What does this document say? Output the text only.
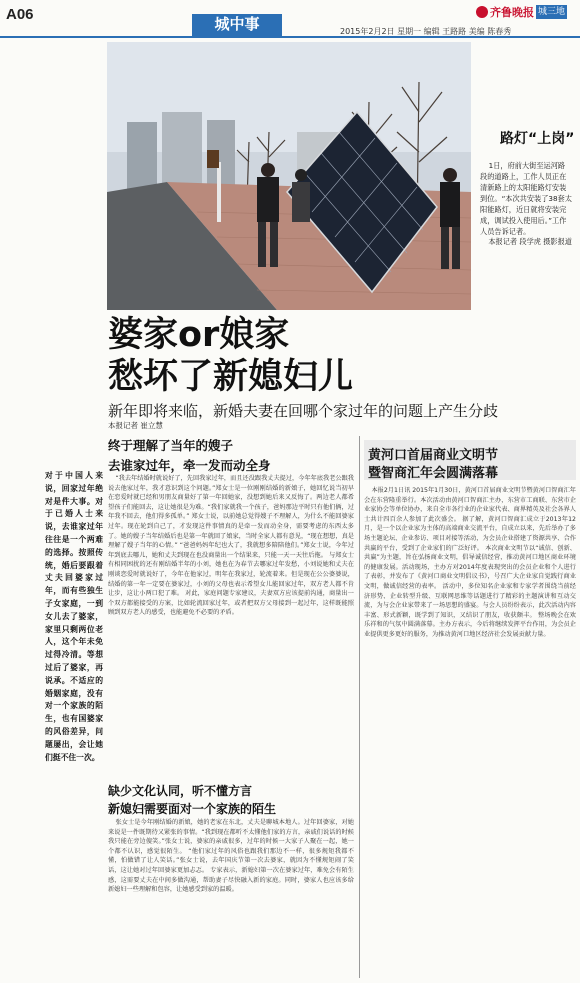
A06
城中事
齐鲁晚报 城三地
2015年2月2日 星期一 编辑 王路路 美编 陈春秀
路灯“上岗”
1日，府前大街至运河路段的道路上，工作人员正在清新路上的太阳能路灯安装到位。“本次共安装了38套太阳能路灯，近日就将安装完成，调试投入使用后。”工作人员告诉记者。
本报记者 段学虎 摄影报道
婆家or娘家
愁坏了新媳妇儿
新年即将来临，新婚夫妻在回哪个家过年的问题上产生分歧
本报记者 崔立慧
对于中国人来说，回家过年绝对是件大事。对于已婚人士来说，去谁家过年往往是一个两难的选择。按照传统，婚后要跟着丈夫回婆家过年，而有些独生子女家庭，一到女儿去了婆家，家里只剩两位老人，这个年未免过得冷清。等想过后了婆家，再说承。不适应的婚姻家庭，没有对一个家族的陌生，也有国婆家的风俗差异，问题屡出，会让她们挺不住一次。
终于理解了当年的嫂子
去谁家过年，牵一发而动全身
“我去年结婚时就说好了，先回我家过年，而且还没跟我丈夫提过，今年年底我老公跟我说去他家过年，我才意识到这个问题。”郑女士是一位刚刚结婚的新娘子，她回忆说当初早在恋爱时就已经和男朋友商量好了第一年回她家，没想到她后来又反悔了。两边老人都希望孩子们能回去，这让她很是为难。“我们家就我一个孩子，爸妈那边平时只有他们俩，过年我不回去，他们得多孤单。” 郑女士说，以前她总觉得嫂子不理解人，为什么不能回婆家过年。现在轮到自己了，才发现这件事情真的是牵一发而动全身，需要考虑的东西太多了。她的嫂子当年结婚后也是第一年就回了娘家，当时全家人都有意见，“现在想想，真是理解了嫂子当年的心情。” “爸爸妈妈年纪也大了，我就想多陪陪他们。”郑女士说，今年过年到底去哪儿，她和丈夫到现在也没商量出一个结果来，只能一天一天往后拖。 与郑女士有相同困扰的还有刚结婚半年的小刘，她也在为春节去哪家过年发愁，小刘说她和丈夫在刚谈恋爱时就说好了，今年在他家过，明年在我家过，轮流着来。但是现在公公婆婆说，结婚的第一年一定要在婆家过，小刘的父母也表示希望女儿能回家过年，双方老人都不肯让步，这让小两口犯了难。 对此，家庭问题专家建议，夫妻双方应该提前沟通，商量出一个双方都能接受的方案，比如轮流回家过年，或者把双方父母接到一起过年，这样既能照顾到双方老人的感受，也能避免不必要的矛盾。
缺少文化认同，听不懂方言
新媳妇需要面对一个家族的陌生
张女士是今年刚结婚的新娘，她的老家在东北，丈夫是聊城本地人。过年回婆家，对她来说是一件既期待又紧张的事情。“我到现在都听不太懂他们家的方言，亲戚们说话的时候我只能在旁边傻笑。”张女士说，婆家的亲戚很多，过年的时候一大家子人聚在一起，她一个都不认识，感觉很陌生。 “他们家过年的风俗也跟我们那边不一样，很多规矩我都不懂，怕做错了让人笑话。”张女士说，去年国庆节第一次去婆家，就因为不懂规矩闹了笑话，这让她对过年回婆家更加忐忑。 专家表示，新媳妇第一次在婆家过年，难免会有陌生感，这需要丈夫在中间多做沟通，帮助妻子尽快融入新的家庭。同时，婆家人也应该多给新媳妇一些理解和包容，让她感受到家的温暖。
黄河口首届商业文明节
暨智商汇年会圆满落幕
本报2月1日讯 2015年1月30日，黄河口首届商业文明节暨黄河口智商汇年会在东营隆重举行。本次活动由黄河口智商汇主办，东营市工商联、东营市企业家协会等单位协办，来自全市各行业的企业家代表、商界精英及社会各界人士共计四百余人参加了此次盛会。 据了解，黄河口智商汇成立于2013年12月，是一个以企业家为主体的高端商业交流平台，自成立以来，先后举办了多场主题论坛、企业参访、项目对接等活动，为会员企业搭建了资源共享、合作共赢的平台，受到了企业家们的广泛好评。 本次商业文明节以“诚信、创新、共赢”为主题，旨在弘扬商业文明，倡导诚信经营，推动黄河口地区商业环境的健康发展。活动现场，主办方对2014年度表现突出的会员企业和个人进行了表彰，并发布了《黄河口商业文明倡议书》，号召广大企业家自觉践行商业文明，做诚信经营的表率。 活动中，多位知名企业家和专家学者围绕当前经济形势、企业转型升级、互联网思维等话题进行了精彩的主题演讲和互动交流，为与会企业家带来了一场思想的盛宴。与会人员纷纷表示，此次活动内容丰富、形式新颖，既学到了知识，又结识了朋友，收获颇丰。 整场晚会在欢乐祥和的气氛中圆满落幕。主办方表示，今后将继续发挥平台作用，为会员企业提供更多更好的服务，为推动黄河口地区经济社会发展贡献力量。
